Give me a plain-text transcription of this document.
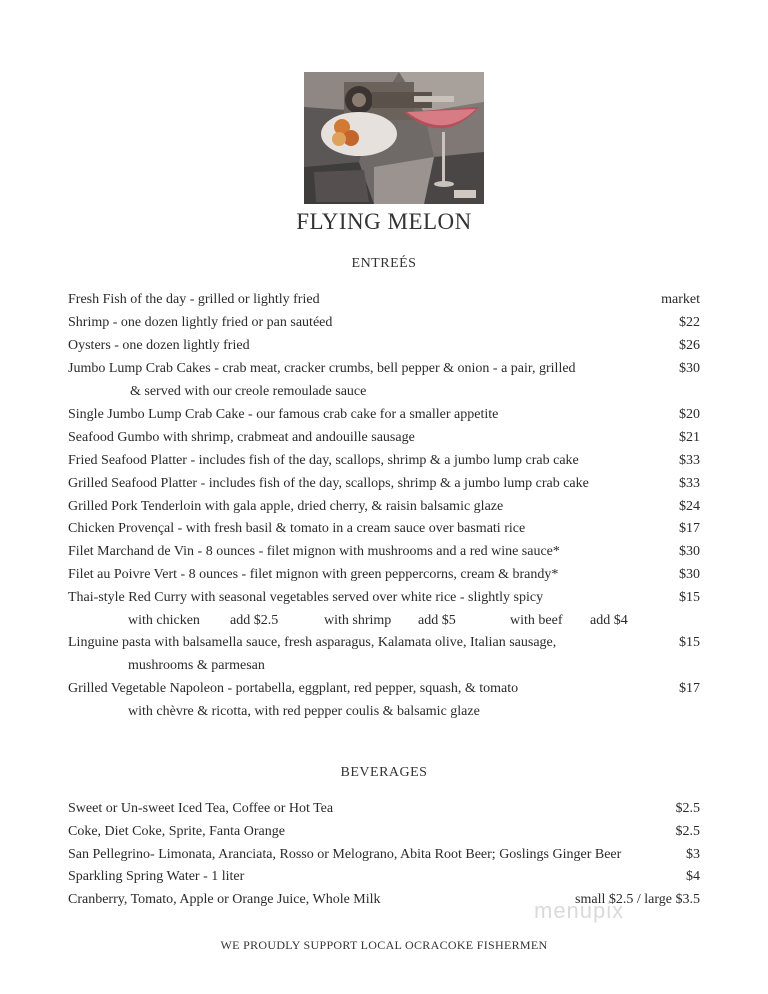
FLYING MELON
ENTREÉS
Fresh Fish of the day - grilled or lightly fried	market
Shrimp - one dozen lightly fried or pan sautéed	$22
Oysters - one dozen lightly fried	$26
Jumbo Lump Crab Cakes - crab meat, cracker crumbs, bell pepper & onion - a pair, grilled	$30
& served with our creole remoulade sauce
Single Jumbo Lump Crab Cake - our famous crab cake for a smaller appetite	$20
Seafood Gumbo with shrimp, crabmeat and andouille sausage	$21
Fried Seafood Platter - includes fish of the day, scallops, shrimp & a jumbo lump crab cake	$33
Grilled Seafood Platter - includes fish of the day, scallops, shrimp & a jumbo lump crab cake	$33
Grilled Pork Tenderloin with gala apple, dried cherry, & raisin balsamic glaze	$24
Chicken Provençal - with fresh basil & tomato in a cream sauce over basmati rice	$17
Filet Marchand de Vin - 8 ounces - filet mignon with mushrooms and a red wine sauce*	$30
Filet au Poivre Vert - 8 ounces - filet mignon with green peppercorns, cream & brandy*	$30
Thai-style Red Curry with seasonal vegetables served over white rice - slightly spicy	$15
with chicken add $2.5	with shrimp add $5	with beef add $4
Linguine pasta with balsamella sauce, fresh asparagus, Kalamata olive, Italian sausage,	$15
mushrooms & parmesan
Grilled Vegetable Napoleon - portabella, eggplant, red pepper, squash, & tomato	$17
with chèvre & ricotta, with red pepper coulis & balsamic glaze
BEVERAGES
Sweet or Un-sweet Iced Tea, Coffee or Hot Tea	$2.5
Coke, Diet Coke, Sprite, Fanta Orange	$2.5
San Pellegrino- Limonata, Aranciata, Rosso or Melograno, Abita Root Beer; Goslings Ginger Beer	$3
Sparkling Spring Water - 1 liter	$4
Cranberry, Tomato, Apple or Orange Juice, Whole Milk	small $2.5 / large $3.5
menupix
WE PROUDLY SUPPORT LOCAL OCRACOKE FISHERMEN
